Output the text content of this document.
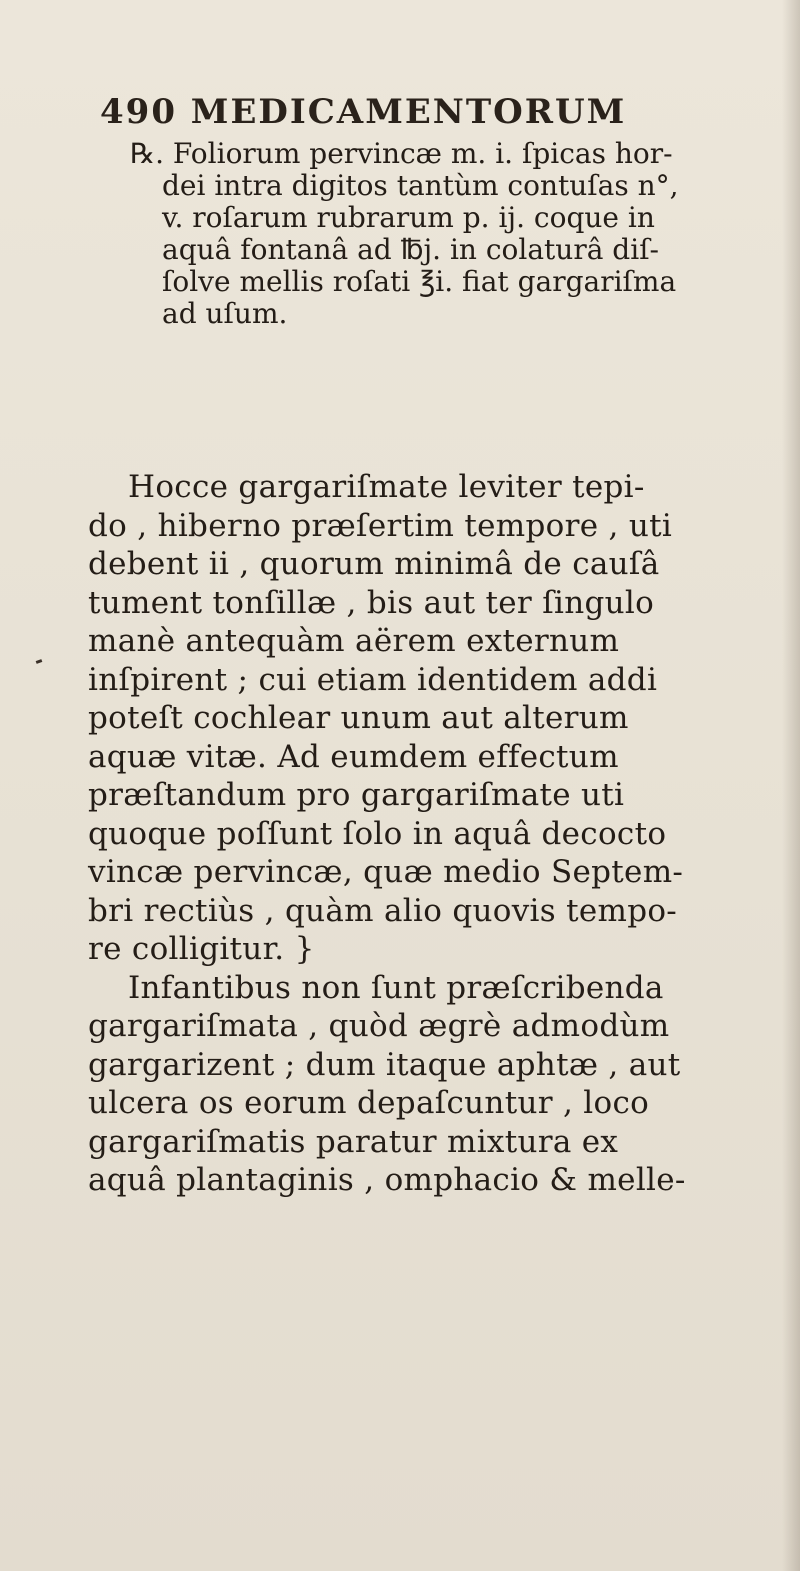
490 MEDICAMENTORUM
℞. Foliorum pervincæ m. i. ſpicas hor-
dei intra digitos tantùm contuſas n°,
v. roſarum rubrarum p. ij. coque in
aquâ fontanâ ad ℔j. in colaturâ diſ-
ſolve mellis roſati ℥i. fiat gargariſma
ad uſum.
Hocce gargariſmate leviter tepi-
do , hiberno præſertim tempore , uti
debent ii , quorum minimâ de cauſâ
tument tonſillæ , bis aut ter ſingulo
manè antequàm aërem externum
inſpirent ; cui etiam identidem addi
poteſt cochlear unum aut alterum
aquæ vitæ. Ad eumdem effectum
præſtandum pro gargariſmate uti
quoque poſſunt ſolo in aquâ decocto
vincæ pervincæ, quæ medio Septem-
bri rectiùs , quàm alio quovis tempo-
re colligitur. }
Infantibus non ſunt præſcribenda
gargariſmata , quòd ægrè admodùm
gargarizent ; dum itaque aphtæ , aut
ulcera os eorum depaſcuntur , loco
gargariſmatis paratur mixtura ex
aquâ plantaginis , omphacio & melle-
